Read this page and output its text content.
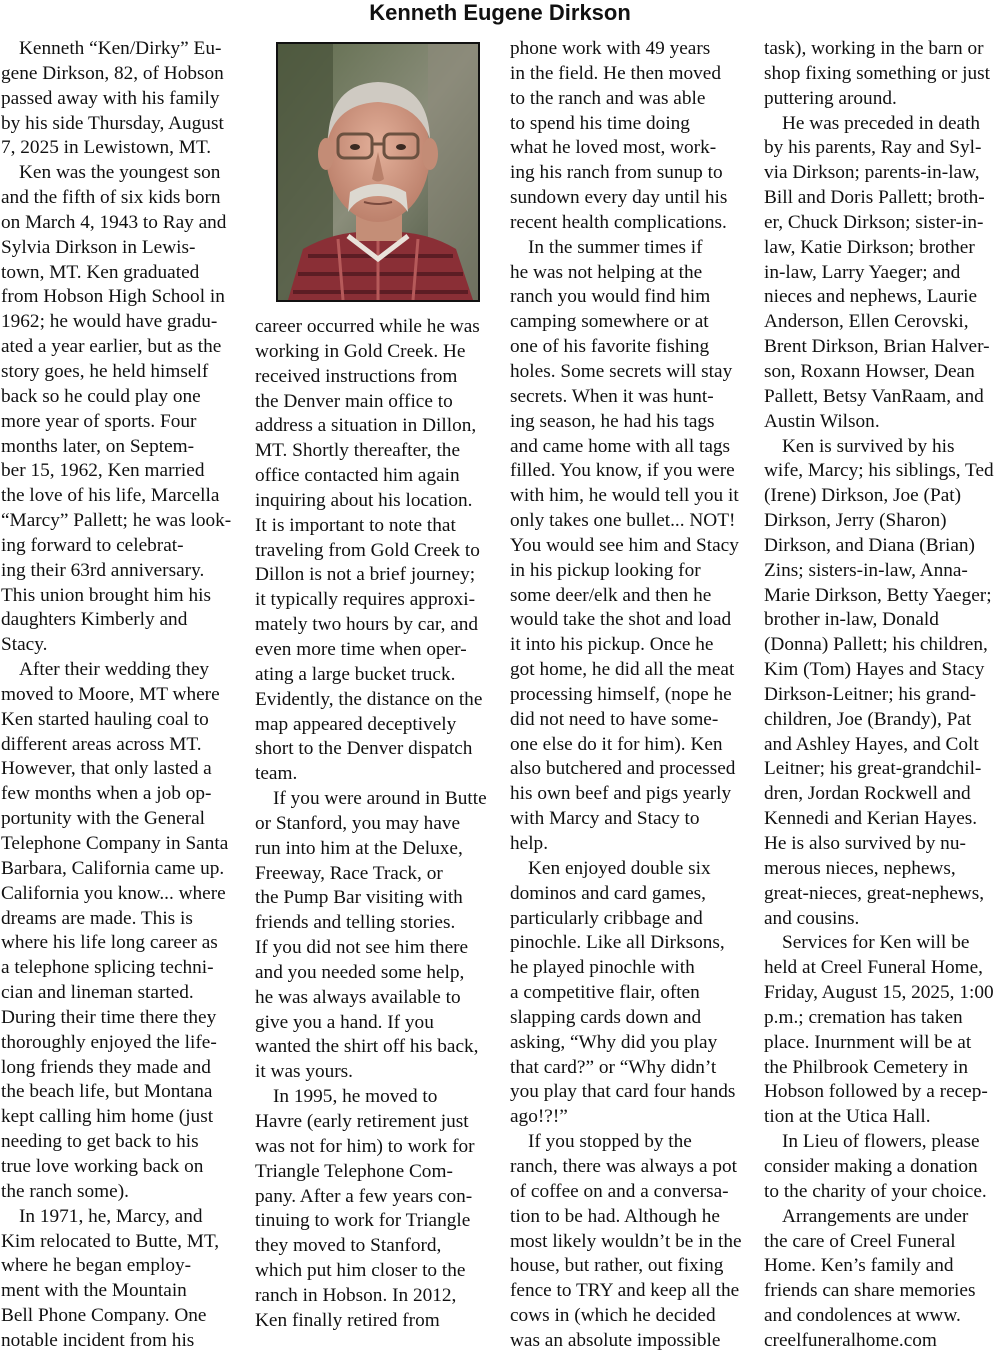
Kenneth Eugene Dirkson
Kenneth “Ken/Dirky” Eu-
gene Dirkson, 82, of Hobson
passed away with his family
by his side Thursday, August
7, 2025 in Lewistown, MT.
Ken was the youngest son
and the fifth of six kids born
on March 4, 1943 to Ray and
Sylvia Dirkson in Lewis-
town, MT. Ken graduated
from Hobson High School in
1962; he would have gradu-
ated a year earlier, but as the
story goes, he held himself
back so he could play one
more year of sports. Four
months later, on Septem-
ber 15, 1962, Ken married
the love of his life, Marcella
“Marcy” Pallett; he was look-
ing forward to celebrat-
ing their 63rd anniversary.
This union brought him his
daughters Kimberly and
Stacy.
After their wedding they
moved to Moore, MT where
Ken started hauling coal to
different areas across MT.
However, that only lasted a
few months when a job op-
portunity with the General
Telephone Company in Santa
Barbara, California came up.
California you know... where
dreams are made. This is
where his life long career as
a telephone splicing techni-
cian and lineman started.
During their time there they
thoroughly enjoyed the life-
long friends they made and
the beach life, but Montana
kept calling him home (just
needing to get back to his
true love working back on
the ranch some).
In 1971, he, Marcy, and
Kim relocated to Butte, MT,
where he began employ-
ment with the Mountain
Bell Phone Company. One
notable incident from his
career occurred while he was
working in Gold Creek. He
received instructions from
the Denver main office to
address a situation in Dillon,
MT. Shortly thereafter, the
office contacted him again
inquiring about his location.
It is important to note that
traveling from Gold Creek to
Dillon is not a brief journey;
it typically requires approxi-
mately two hours by car, and
even more time when oper-
ating a large bucket truck.
Evidently, the distance on the
map appeared deceptively
short to the Denver dispatch
team.
If you were around in Butte
or Stanford, you may have
run into him at the Deluxe,
Freeway, Race Track, or
the Pump Bar visiting with
friends and telling stories.
If you did not see him there
and you needed some help,
he was always available to
give you a hand. If you
wanted the shirt off his back,
it was yours.
In 1995, he moved to
Havre (early retirement just
was not for him) to work for
Triangle Telephone Com-
pany. After a few years con-
tinuing to work for Triangle
they moved to Stanford,
which put him closer to the
ranch in Hobson. In 2012,
Ken finally retired from
phone work with 49 years
in the field. He then moved
to the ranch and was able
to spend his time doing
what he loved most, work-
ing his ranch from sunup to
sundown every day until his
recent health complications.
In the summer times if
he was not helping at the
ranch you would find him
camping somewhere or at
one of his favorite fishing
holes. Some secrets will stay
secrets. When it was hunt-
ing season, he had his tags
and came home with all tags
filled. You know, if you were
with him, he would tell you it
only takes one bullet... NOT!
You would see him and Stacy
in his pickup looking for
some deer/elk and then he
would take the shot and load
it into his pickup. Once he
got home, he did all the meat
processing himself, (nope he
did not need to have some-
one else do it for him). Ken
also butchered and processed
his own beef and pigs yearly
with Marcy and Stacy to
help.
Ken enjoyed double six
dominos and card games,
particularly cribbage and
pinochle. Like all Dirksons,
he played pinochle with
a competitive flair, often
slapping cards down and
asking, “Why did you play
that card?” or “Why didn’t
you play that card four hands
ago!?!”
If you stopped by the
ranch, there was always a pot
of coffee on and a conversa-
tion to be had. Although he
most likely wouldn’t be in the
house, but rather, out fixing
fence to TRY and keep all the
cows in (which he decided
was an absolute impossible
task), working in the barn or
shop fixing something or just
puttering around.
He was preceded in death
by his parents, Ray and Syl-
via Dirkson; parents-in-law,
Bill and Doris Pallett; broth-
er, Chuck Dirkson; sister-in-
law, Katie Dirkson; brother
in-law, Larry Yaeger; and
nieces and nephews, Laurie
Anderson, Ellen Cerovski,
Brent Dirkson, Brian Halver-
son, Roxann Howser, Dean
Pallett, Betsy VanRaam, and
Austin Wilson.
Ken is survived by his
wife, Marcy; his siblings, Ted
(Irene) Dirkson, Joe (Pat)
Dirkson, Jerry (Sharon)
Dirkson, and Diana (Brian)
Zins; sisters-in-law, Anna-
Marie Dirkson, Betty Yaeger;
brother in-law, Donald
(Donna) Pallett; his children,
Kim (Tom) Hayes and Stacy
Dirkson-Leitner; his grand-
children, Joe (Brandy), Pat
and Ashley Hayes, and Colt
Leitner; his great-grandchil-
dren, Jordan Rockwell and
Kennedi and Kerian Hayes.
He is also survived by nu-
merous nieces, nephews,
great-nieces, great-nephews,
and cousins.
Services for Ken will be
held at Creel Funeral Home,
Friday, August 15, 2025, 1:00
p.m.; cremation has taken
place. Inurnment will be at
the Philbrook Cemetery in
Hobson followed by a recep-
tion at the Utica Hall.
In Lieu of flowers, please
consider making a donation
to the charity of your choice.
Arrangements are under
the care of Creel Funeral
Home. Ken’s family and
friends can share memories
and condolences at www.
creelfuneralhome.com
